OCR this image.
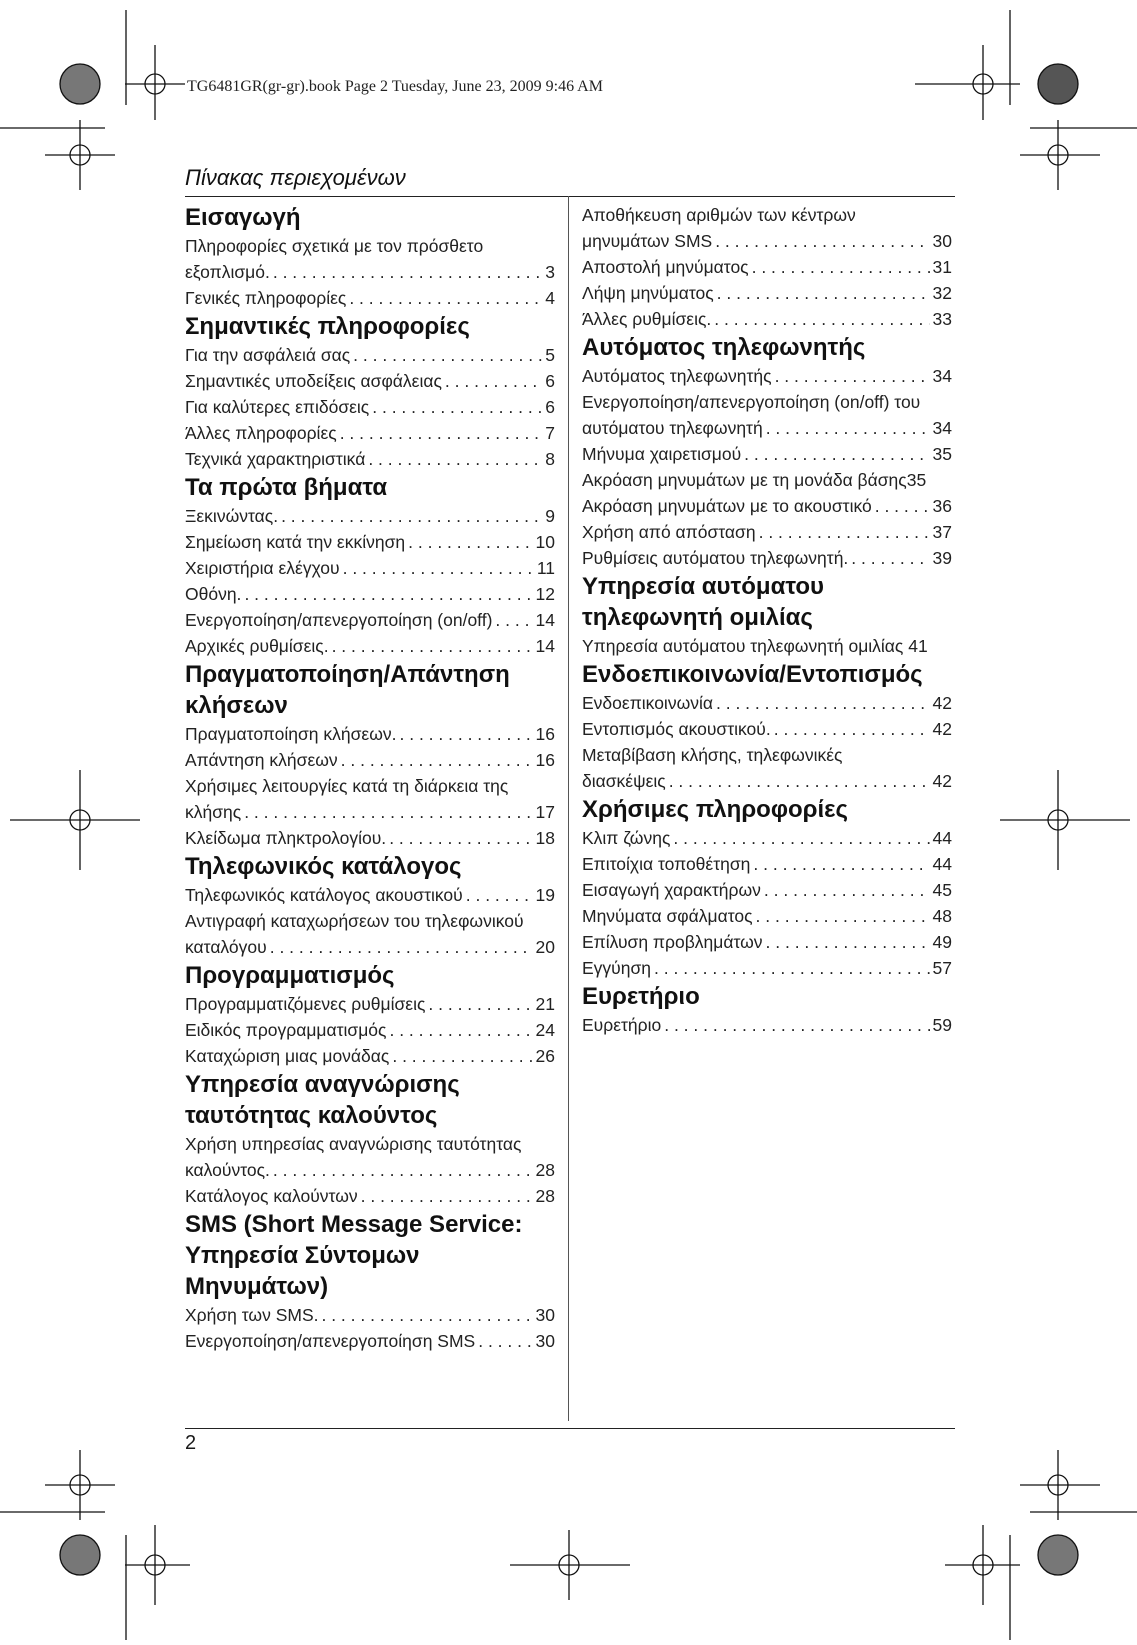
TG6481GR(gr-gr).book Page 2 Tuesday, June 23, 2009 9:46 AM
Πίνακας περιεχομένων
Εισαγωγή
Πληροφορίες σχετικά με τον πρόσθετο
εξοπλισμό. . . .	3
Γενικές πληροφορίες . . .	4
Σημαντικές πληροφορίες
Για την ασφάλειά σας . . .	5
Σημαντικές υποδείξεις ασφάλειας . . .	6
Για καλύτερες επιδόσεις . . .	6
Άλλες πληροφορίες . . .	7
Τεχνικά χαρακτηριστικά . . .	8
Τα πρώτα βήματα
Ξεκινώντας. . . .	9
Σημείωση κατά την εκκίνηση . . .	10
Χειριστήρια ελέγχου . . .	11
Οθόνη. . . .	12
Ενεργοποίηση/απενεργοποίηση (on/off) . . . 14
Αρχικές ρυθμίσεις. . . .	14
Πραγματοποίηση/Απάντηση
κλήσεων
Πραγματοποίηση κλήσεων. . . .	16
Απάντηση κλήσεων . . .	16
Χρήσιμες λειτουργίες κατά τη διάρκεια της
κλήσης . . .	17
Κλείδωμα πληκτρολογίου. . . .	18
Τηλεφωνικός κατάλογος
Τηλεφωνικός κατάλογος ακουστικού . . .	19
Αντιγραφή καταχωρήσεων του τηλεφωνικού
καταλόγου . . .	20
Προγραμματισμός
Προγραμματιζόμενες ρυθμίσεις . . .	21
Ειδικός προγραμματισμός . . .	24
Καταχώριση μιας μονάδας . . .	26
Υπηρεσία αναγνώρισης
ταυτότητας καλούντος
Χρήση υπηρεσίας αναγνώρισης ταυτότητας
καλούντος. . . .	28
Κατάλογος καλούντων . . .	28
SMS (Short Message Service:
Υπηρεσία Σύντομων
Μηνυμάτων)
Χρήση των SMS. . . .	30
Ενεργοποίηση/απενεργοποίηση SMS . . .	30
Αποθήκευση αριθμών των κέντρων
μηνυμάτων SMS . . .	30
Αποστολή μηνύματος . . .	31
Λήψη μηνύματος . . .	32
Άλλες ρυθμίσεις. . . .	33
Αυτόματος τηλεφωνητής
Αυτόματος τηλεφωνητής . . .	34
Ενεργοποίηση/απενεργοποίηση (on/off) του
αυτόματου τηλεφωνητή . . .	34
Μήνυμα χαιρετισμού . . .	35
Ακρόαση μηνυμάτων με τη μονάδα βάσης35
Ακρόαση μηνυμάτων με το ακουστικό . . .	36
Χρήση από απόσταση . . .	37
Ρυθμίσεις αυτόματου τηλεφωνητή. . . .	39
Υπηρεσία αυτόματου
τηλεφωνητή ομιλίας
Υπηρεσία αυτόματου τηλεφωνητή ομιλίας 41
Ενδοεπικοινωνία/Εντοπισμός
Ενδοεπικοινωνία . . .	42
Εντοπισμός ακουστικού. . . .	42
Μεταβίβαση κλήσης, τηλεφωνικές
διασκέψεις . . .	42
Χρήσιμες πληροφορίες
Κλιπ ζώνης . . .	44
Επιτοίχια τοποθέτηση . . .	44
Εισαγωγή χαρακτήρων . . .	45
Μηνύματα σφάλματος . . .	48
Επίλυση προβλημάτων . . .	49
Εγγύηση . . .	57
Ευρετήριο
Ευρετήριο . . .	59
2
